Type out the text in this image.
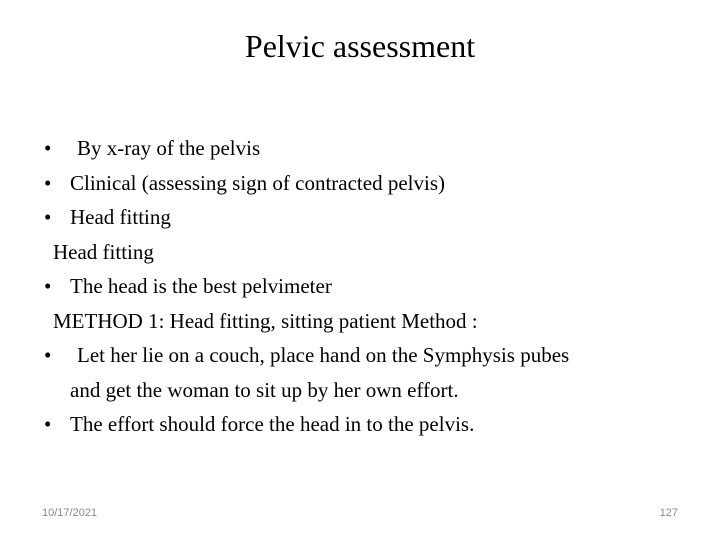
Pelvic assessment
• By x-ray of the pelvis
• Clinical (assessing sign of contracted pelvis)
• Head fitting
Head fitting
• The head is the best pelvimeter
METHOD 1: Head fitting, sitting patient Method :
• Let her lie on a couch, place hand on the Symphysis pubes
and get the woman to sit up by her own effort.
• The effort should force the head in to the pelvis.
10/17/2021	127
